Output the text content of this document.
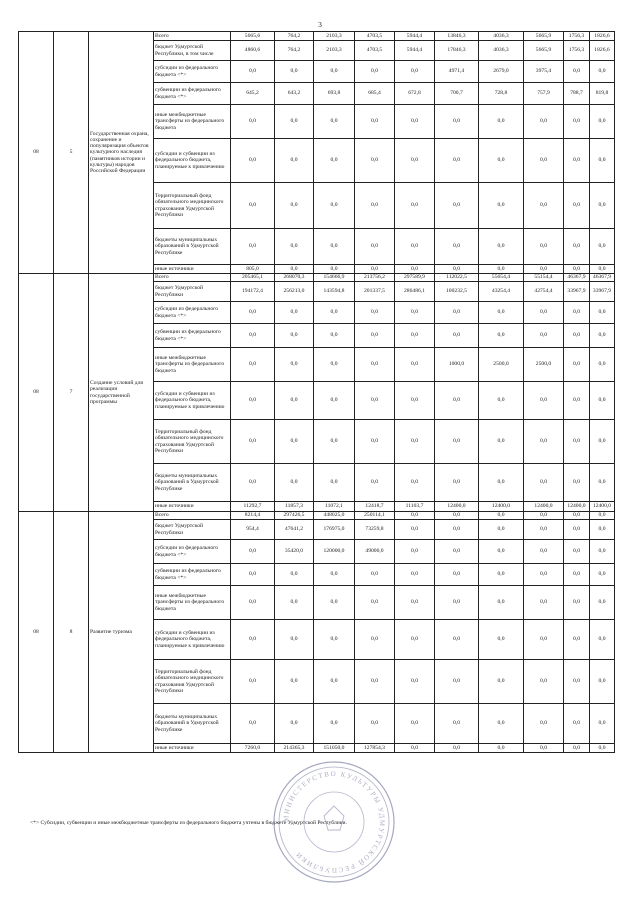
3
08	5	Государственная охрана, сохранение и популяризация объектов культурного наследия (памятников истории и культуры) народов Российской Федерации	Всего	5665,6	764,2	2103,3	4703,5	5944,4	13846,3	4036,3	5665,9	1756,3	1826,6
			бюджет Удмуртской Республики, в том числе	4860,6	764,2	2103,3	4703,5	5944,4	17846,3	4036,3	5665,9	1756,3	1826,6
			субсидии из федерального бюджета <*>	0,0	0,0	0,0	0,0	0,0	4971,4	2679,0	3975,4	0,0	0,0
			субвенции из федерального бюджета <*>	645,2	643,2	693,8	685,4	672,8	700,7	728,8	757,9	788,7	819,8
			иные межбюджетные трансферты из федерального бюджета	0,0	0,0	0,0	0,0	0,0	0,0	0,0	0,0	0,0	0,0
			субсидии и субвенции из федерального бюджета, планируемые к привлечению	0,0	0,0	0,0	0,0	0,0	0,0	0,0	0,0	0,0	0,0
			Территориальный фонд обязательного медицинского страхования Удмуртской Республики	0,0	0,0	0,0	0,0	0,0	0,0	0,0	0,0	0,0	0,0
			бюджеты муниципальных образований в Удмуртской Республике	0,0	0,0	0,0	0,0	0,0	0,0	0,0	0,0	0,0	0,0
			иные источники	805,0	0,0	0,0	0,0	0,0	0,0	0,0	0,0	0,0	0,0
08	7	Создание условий для реализации государственной программы	Всего	205465,1	268070,3	154666,9	213756,2	297589,9	112022,5	55654,4	55154,4	46367,9	46367,9
			бюджет Удмуртской Республики	194172,4	256213,0	143594,8	201337,5	286486,1	100232,5	43254,4	42754,4	33967,9	33967,9
			субсидии из федерального бюджета <*>	0,0	0,0	0,0	0,0	0,0	0,0	0,0	0,0	0,0	0,0
			субвенции из федерального бюджета <*>	0,0	0,0	0,0	0,0	0,0	0,0	0,0	0,0	0,0	0,0
			иные межбюджетные трансферты из федерального бюджета	0,0	0,0	0,0	0,0	0,0	1000,0	2500,0	2500,0	0,0	0,0
			субсидии и субвенции из федерального бюджета, планируемые к привлечению	0,0	0,0	0,0	0,0	0,0	0,0	0,0	0,0	0,0	0,0
			Территориальный фонд обязательного медицинского страхования Удмуртской Республики	0,0	0,0	0,0	0,0	0,0	0,0	0,0	0,0	0,0	0,0
			бюджеты муниципальных образований в Удмуртской Республике	0,0	0,0	0,0	0,0	0,0	0,0	0,0	0,0	0,0	0,0
			иные источники	11292,7	11857,3	11072,1	12418,7	11103,7	12400,0	12400,0	12400,0	12400,0	12400,0
08	8	Развитие туризма	Всего	8214,4	297426,5	448025,0	250114,1	0,0	0,0	0,0	0,0	0,0	0,0
			бюджет Удмуртской Республики	954,4	47641,2	176975,0	73259,8	0,0	0,0	0,0	0,0	0,0	0,0
			субсидии из федерального бюджета <*>	0,0	35420,0	120000,0	49000,0	0,0	0,0	0,0	0,0	0,0	0,0
			субвенции из федерального бюджета <*>	0,0	0,0	0,0	0,0	0,0	0,0	0,0	0,0	0,0	0,0
			иные межбюджетные трансферты из федерального бюджета	0,0	0,0	0,0	0,0	0,0	0,0	0,0	0,0	0,0	0,0
			субсидии и субвенции из федерального бюджета, планируемые к привлечению	0,0	0,0	0,0	0,0	0,0	0,0	0,0	0,0	0,0	0,0
			Территориальный фонд обязательного медицинского страхования Удмуртской Республики	0,0	0,0	0,0	0,0	0,0	0,0	0,0	0,0	0,0	0,0
			бюджеты муниципальных образований в Удмуртской Республике	0,0	0,0	0,0	0,0	0,0	0,0	0,0	0,0	0,0	0,0
			иные источники	7260,0	214365,3	151050,0	127854,3	0,0	0,0	0,0	0,0	0,0	0,0
<*> Субсидии, субвенции и иные межбюджетные трансферты из федерального бюджета учтены в бюджете Удмуртской Республики.
МИНИСТЕРСТВО КУЛЬТУРЫ УДМУРТСКОЙ РЕСПУБЛИКИ
